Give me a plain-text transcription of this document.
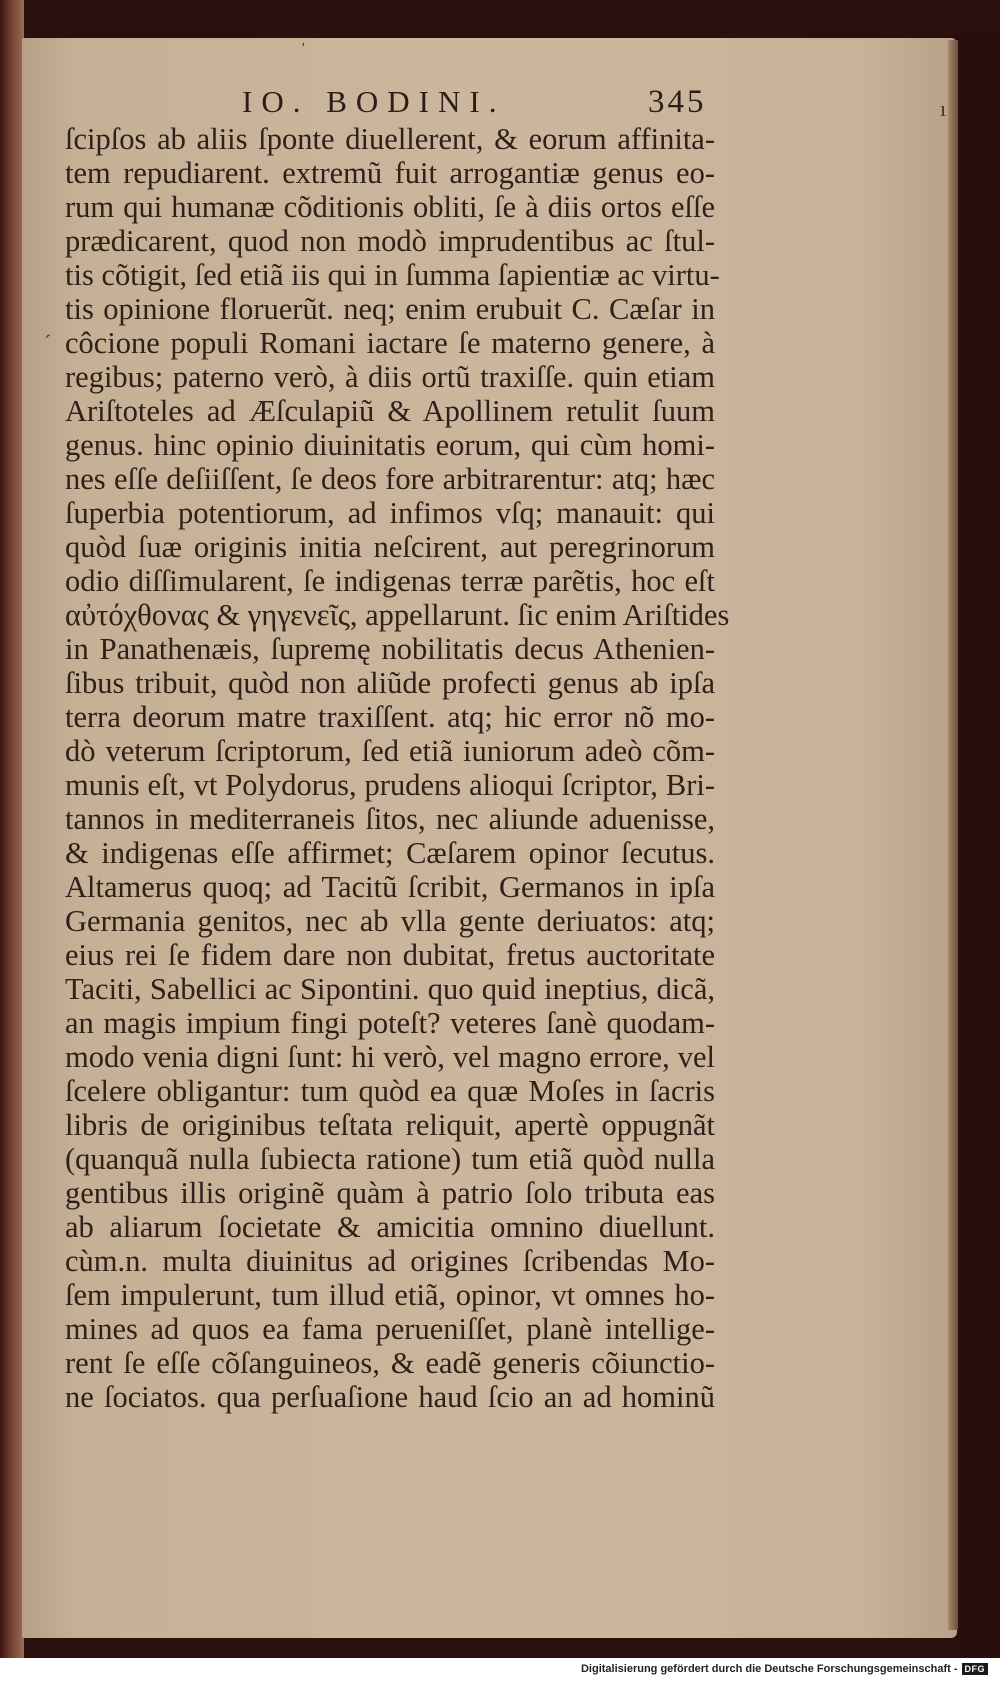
ˈ
ı
´
IO. BODINI.	345
ſcipſos ab aliis ſponte diuellerent, & eorum affinita-
tem repudiarent. extremũ fuit arrogantiæ genus eo-
rum qui humanæ cõditionis obliti, ſe à diis ortos eſſe
prædicarent, quod non modò imprudentibus ac ſtul-
tis cõtigit, ſed etiã iis qui in ſumma ſapientiæ ac virtu-
tis opinione floruerũt. neq; enim erubuit C. Cæſar in
côcione populi Romani iactare ſe materno genere, à
regibus; paterno verò, à diis ortũ traxiſſe. quin etiam
Ariſtoteles ad Æſculapiũ & Apollinem retulit ſuum
genus. hinc opinio diuinitatis eorum, qui cùm homi-
nes eſſe deſiiſſent, ſe deos fore arbitrarentur: atq; hæc
ſuperbia potentiorum, ad infimos vſq; manauit: qui
quòd ſuæ originis initia neſcirent, aut peregrinorum
odio diſſimularent, ſe indigenas terræ parẽtis, hoc eſt
αὐτόχθονας & γηγενεῖς, appellarunt. ſic enim Ariſtides
in Panathenæis, ſupremę nobilitatis decus Athenien-
ſibus tribuit, quòd non aliũde profecti genus ab ipſa
terra deorum matre traxiſſent. atq; hic error nõ mo-
dò veterum ſcriptorum, ſed etiã iuniorum adeò cõm-
munis eſt, vt Polydorus, prudens alioqui ſcriptor, Bri-
tannos in mediterraneis ſitos, nec aliunde aduenisse,
& indigenas eſſe affirmet; Cæſarem opinor ſecutus.
Altamerus quoq; ad Tacitũ ſcribit, Germanos in ipſa
Germania genitos, nec ab vlla gente deriuatos: atq;
eius rei ſe fidem dare non dubitat, fretus auctoritate
Taciti, Sabellici ac Sipontini. quo quid ineptius, dicã,
an magis impium fingi poteſt? veteres ſanè quodam-
modo venia digni ſunt: hi verò, vel magno errore, vel
ſcelere obligantur: tum quòd ea quæ Moſes in ſacris
libris de originibus teſtata reliquit, apertè oppugnãt
(quanquã nulla ſubiecta ratione) tum etiã quòd nulla
gentibus illis originẽ quàm à patrio ſolo tributa eas
ab aliarum ſocietate & amicitia omnino diuellunt.
cùm.n. multa diuinitus ad origines ſcribendas Mo-
ſem impulerunt, tum illud etiã, opinor, vt omnes ho-
mines ad quos ea fama perueniſſet, planè intellige-
rent ſe eſſe cõſanguineos, & eadẽ generis cõiunctio-
ne ſociatos. qua perſuaſione haud ſcio an ad hominũ
Digitalisierung gefördert durch die Deutsche Forschungsgemeinschaft - DFG
